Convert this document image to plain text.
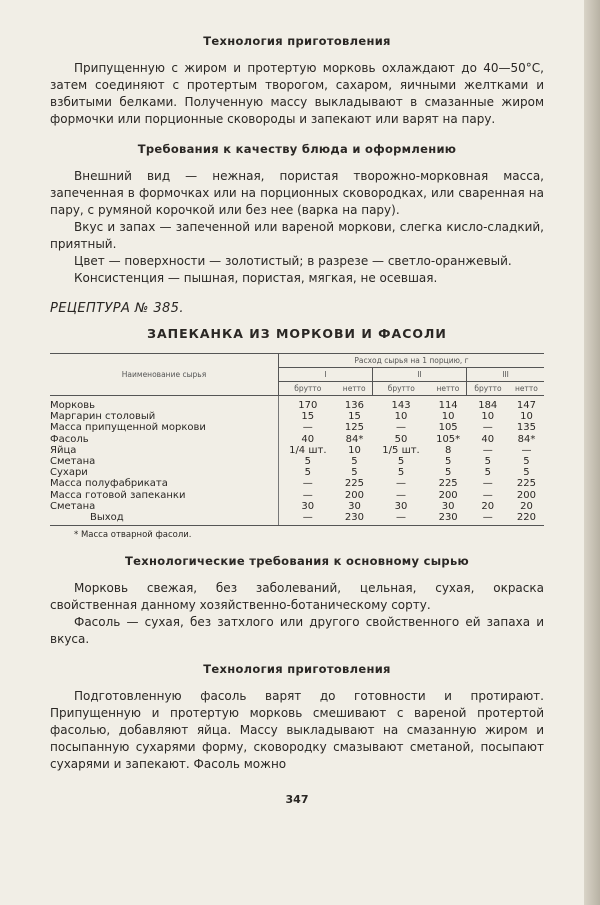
Технология приготовления

Припущенную с жиром и протертую морковь охлаждают до 40—50°С, затем соединяют с протертым творогом, сахаром, яичными желтками и взбитыми белками. Полученную массу выкладывают в смазанные жиром формочки или порционные сковороды и запекают или варят на пару.

Требования к качеству блюда и оформлению

Внешний вид — нежная, пористая творожно-морковная масса, запеченная в формочках или на порционных сковородках, или сваренная на пару, с румяной корочкой или без нее (варка на пару).

Вкус и запах — запеченной или вареной моркови, слегка кисло-сладкий, приятный.

Цвет — поверхности — золотистый; в разрезе — светло-оранжевый.

Консистенция — пышная, пористая, мягкая, не осевшая.

РЕЦЕПТУРА № 385.
ЗАПЕКАНКА ИЗ МОРКОВИ И ФАСОЛИ
Наименование сырья	Расход сырья на 1 порцию, г					
	I		II		III	
	брутто	нетто	брутто	нетто	брутто	нетто
Морковь	170	136	143	114	184	147
Маргарин столовый	15	15	10	10	10	10
Масса припущенной моркови	—	125	—	105	—	135
Фасоль	40	84*	50	105*	40	84*
Яйца	1/4 шт.	10	1/5 шт.	8	—	—
Сметана	5	5	5	5	5	5
Сухари	5	5	5	5	5	5
Масса полуфабриката	—	225	—	225	—	225
Масса готовой запеканки	—	200	—	200	—	200
Сметана	30	30	30	30	20	20
Выход	—	230	—	230	—	220
* Масса отварной фасоли.
Технологические требования к основному сырью

Морковь свежая, без заболеваний, цельная, сухая, окраска свойственная данному хозяйственно-ботаническому сорту.

Фасоль — сухая, без затхлого или другого свойственного ей запаха и вкуса.

Технология приготовления

Подготовленную фасоль варят до готовности и протирают. Припущенную и протертую морковь смешивают с вареной протертой фасолью, добавляют яйца. Массу выкладывают на смазанную жиром и посыпанную сухарями форму, сковородку смазывают сметаной, посыпают сухарями и запекают. Фасоль можно

347
